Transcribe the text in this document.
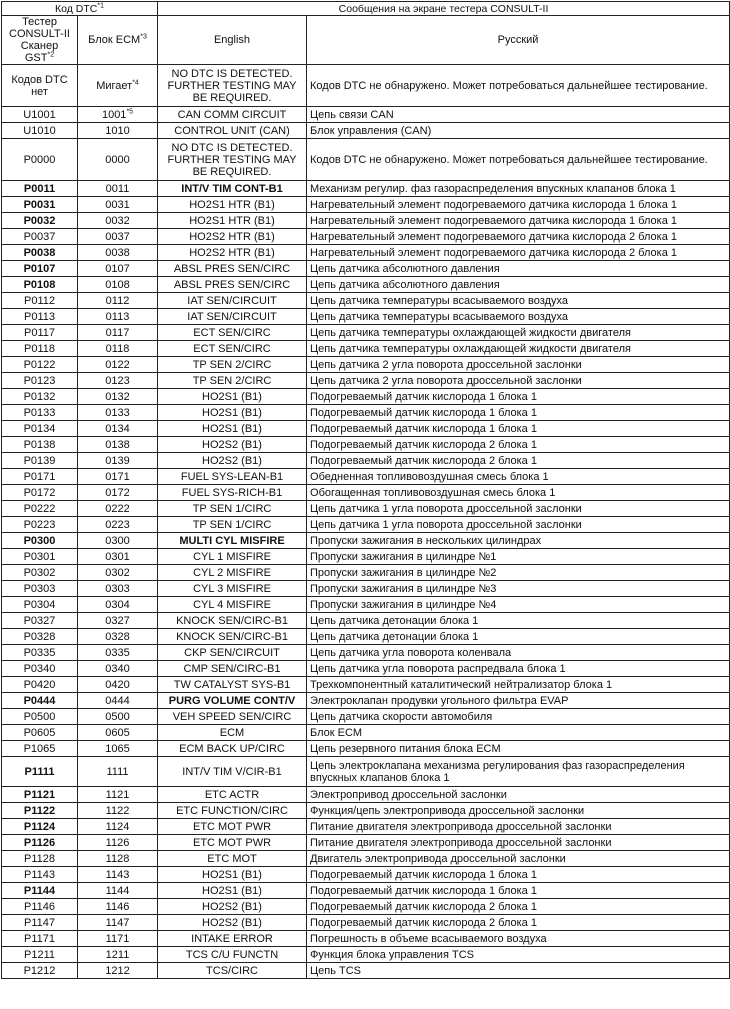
Код DTC$^{*1}$		Сообщения на экране тестера CONSULT-II	
Тестер CONSULT-II Сканер GST$^{*2}$	Блок ECM$^{*3}$	English	Русский
Кодов DTC нет	Мигает$^{*4}$	NO DTC IS DETECTED. FURTHER TESTING MAY BE REQUIRED.	Кодов DTC не обнаружено. Может потребоваться дальнейшее тестирование.
U1001	1001$^{*5}$	CAN COMM CIRCUIT	Цепь связи CAN
U1010	1010	CONTROL UNIT (CAN)	Блок управления (CAN)
P0000	0000	NO DTC IS DETECTED. FURTHER TESTING MAY BE REQUIRED.	Кодов DTC не обнаружено. Может потребоваться дальнейшее тестирование.
P0011	0011	INT/V TIM CONT-B1	Механизм регулир. фаз газораспределения впускных клапанов блока 1
P0031	0031	HO2S1 HTR (B1)	Нагревательный элемент подогреваемого датчика кислорода 1 блока 1
P0032	0032	HO2S1 HTR (B1)	Нагревательный элемент подогреваемого датчика кислорода 1 блока 1
P0037	0037	HO2S2 HTR (B1)	Нагревательный элемент подогреваемого датчика кислорода 2 блока 1
P0038	0038	HO2S2 HTR (B1)	Нагревательный элемент подогреваемого датчика кислорода 2 блока 1
P0107	0107	ABSL PRES SEN/CIRC	Цепь датчика абсолютного давления
P0108	0108	ABSL PRES SEN/CIRC	Цепь датчика абсолютного давления
P0112	0112	IAT SEN/CIRCUIT	Цепь датчика температуры всасываемого воздуха
P0113	0113	IAT SEN/CIRCUIT	Цепь датчика температуры всасываемого воздуха
P0117	0117	ECT SEN/CIRC	Цепь датчика температуры охлаждающей жидкости двигателя
P0118	0118	ECT SEN/CIRC	Цепь датчика температуры охлаждающей жидкости двигателя
P0122	0122	TP SEN 2/CIRC	Цепь датчика 2 угла поворота дроссельной заслонки
P0123	0123	TP SEN 2/CIRC	Цепь датчика 2 угла поворота дроссельной заслонки
P0132	0132	HO2S1 (B1)	Подогреваемый датчик кислорода 1 блока 1
P0133	0133	HO2S1 (B1)	Подогреваемый датчик кислорода 1 блока 1
P0134	0134	HO2S1 (B1)	Подогреваемый датчик кислорода 1 блока 1
P0138	0138	HO2S2 (B1)	Подогреваемый датчик кислорода 2 блока 1
P0139	0139	HO2S2 (B1)	Подогреваемый датчик кислорода 2 блока 1
P0171	0171	FUEL SYS-LEAN-B1	Обедненная топливовоздушная смесь блока 1
P0172	0172	FUEL SYS-RICH-B1	Обогащенная топливовоздушная смесь блока 1
P0222	0222	TP SEN 1/CIRC	Цепь датчика 1 угла поворота дроссельной заслонки
P0223	0223	TP SEN 1/CIRC	Цепь датчика 1 угла поворота дроссельной заслонки
P0300	0300	MULTI CYL MISFIRE	Пропуски зажигания в нескольких цилиндрах
P0301	0301	CYL 1 MISFIRE	Пропуски зажигания в цилиндре №1
P0302	0302	CYL 2 MISFIRE	Пропуски зажигания в цилиндре №2
P0303	0303	CYL 3 MISFIRE	Пропуски зажигания в цилиндре №3
P0304	0304	CYL 4 MISFIRE	Пропуски зажигания в цилиндре №4
P0327	0327	KNOCK SEN/CIRC-B1	Цепь датчика детонации блока 1
P0328	0328	KNOCK SEN/CIRC-B1	Цепь датчика детонации блока 1
P0335	0335	CKP SEN/CIRCUIT	Цепь датчика угла поворота коленвала
P0340	0340	CMP SEN/CIRC-B1	Цепь датчика угла поворота распредвала блока 1
P0420	0420	TW CATALYST SYS-B1	Трехкомпонентный каталитический нейтрализатор блока 1
P0444	0444	PURG VOLUME CONT/V	Электроклапан продувки угольного фильтра EVAP
P0500	0500	VEH SPEED SEN/CIRC	Цепь датчика скорости автомобиля
P0605	0605	ECM	Блок ECM
P1065	1065	ECM BACK UP/CIRC	Цепь резервного питания блока ECM
P1111	1111	INT/V TIM V/CIR-B1	Цепь электроклапана механизма регулирования фаз газораспределения впускных клапанов блока 1
P1121	1121	ETC ACTR	Электропривод дроссельной заслонки
P1122	1122	ETC FUNCTION/CIRC	Функция/цепь электропривода дроссельной заслонки
P1124	1124	ETC MOT PWR	Питание двигателя электропривода дроссельной заслонки
P1126	1126	ETC MOT PWR	Питание двигателя электропривода дроссельной заслонки
P1128	1128	ETC MOT	Двигатель электропривода дроссельной заслонки
P1143	1143	HO2S1 (B1)	Подогреваемый датчик кислорода 1 блока 1
P1144	1144	HO2S1 (B1)	Подогреваемый датчик кислорода 1 блока 1
P1146	1146	HO2S2 (B1)	Подогреваемый датчик кислорода 2 блока 1
P1147	1147	HO2S2 (B1)	Подогреваемый датчик кислорода 2 блока 1
P1171	1171	INTAKE ERROR	Погрешность в объеме всасываемого воздуха
P1211	1211	TCS C/U FUNCTN	Функция блока управления TCS
P1212	1212	TCS/CIRC	Цепь TCS
